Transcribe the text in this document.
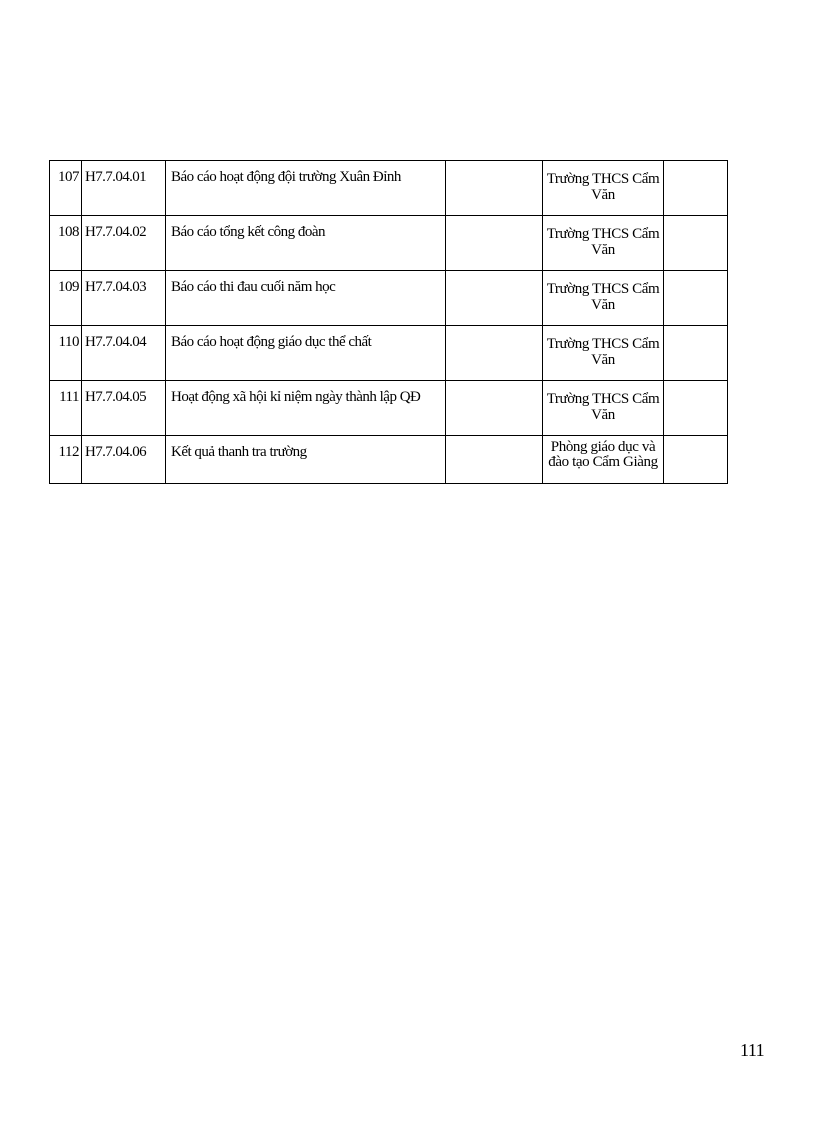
107	H7.7.04.01	Báo cáo hoạt động đội trường Xuân Đỉnh		Trường THCS Cẩm Văn	
108	H7.7.04.02	Báo cáo tổng kết công đoàn		Trường THCS Cẩm Văn	
109	H7.7.04.03	Báo cáo thi đau cuối năm học		Trường THCS Cẩm Văn	
110	H7.7.04.04	Báo cáo hoạt động giáo dục thể chất		Trường THCS Cẩm Văn	
111	H7.7.04.05	Hoạt động xã hội kỉ niệm ngày thành lập QĐ		Trường THCS Cẩm Văn	
112	H7.7.04.06	Kết quả thanh tra trường		Phòng giáo dục và đào tạo Cẩm Giàng	
111
